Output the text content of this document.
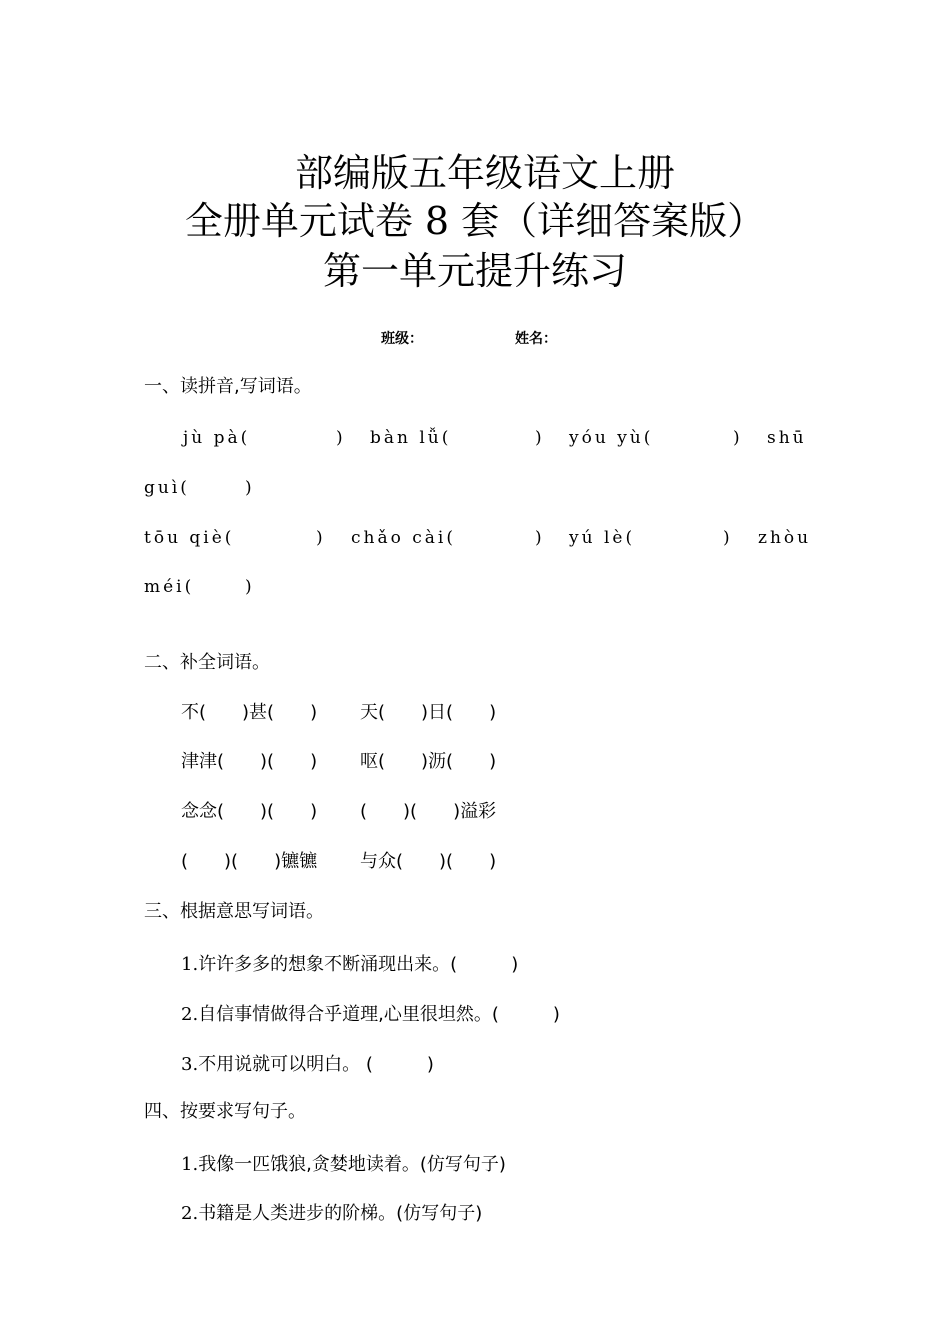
部编版五年级语文上册
全册单元试卷 8 套（详细答案版）
第一单元提升练习
班级：	姓名：
一、读拼音,写词语。
jù pà(	) bàn lǚ(	) yóu yù(	) shū
guì(	)
tōu qiè(	) chǎo cài(	) yú lè(	) zhòu
méi(	)
二、补全词语。
不(　　)甚(　　) 天(　　)日(　　)
津津(　　)(　　) 呕(　　)沥(　　)
念念(　　)(　　) (　　)(　　)溢彩
(　　)(　　)镳镳 与众(　　)(　　)
三、根据意思写词语。
1.许许多多的想象不断涌现出来。(　　　)
2.自信事情做得合乎道理,心里很坦然。(　　　)
3.不用说就可以明白。 (　　　)
四、按要求写句子。
1.我像一匹饿狼,贪婪地读着。(仿写句子)
2.书籍是人类进步的阶梯。(仿写句子)
